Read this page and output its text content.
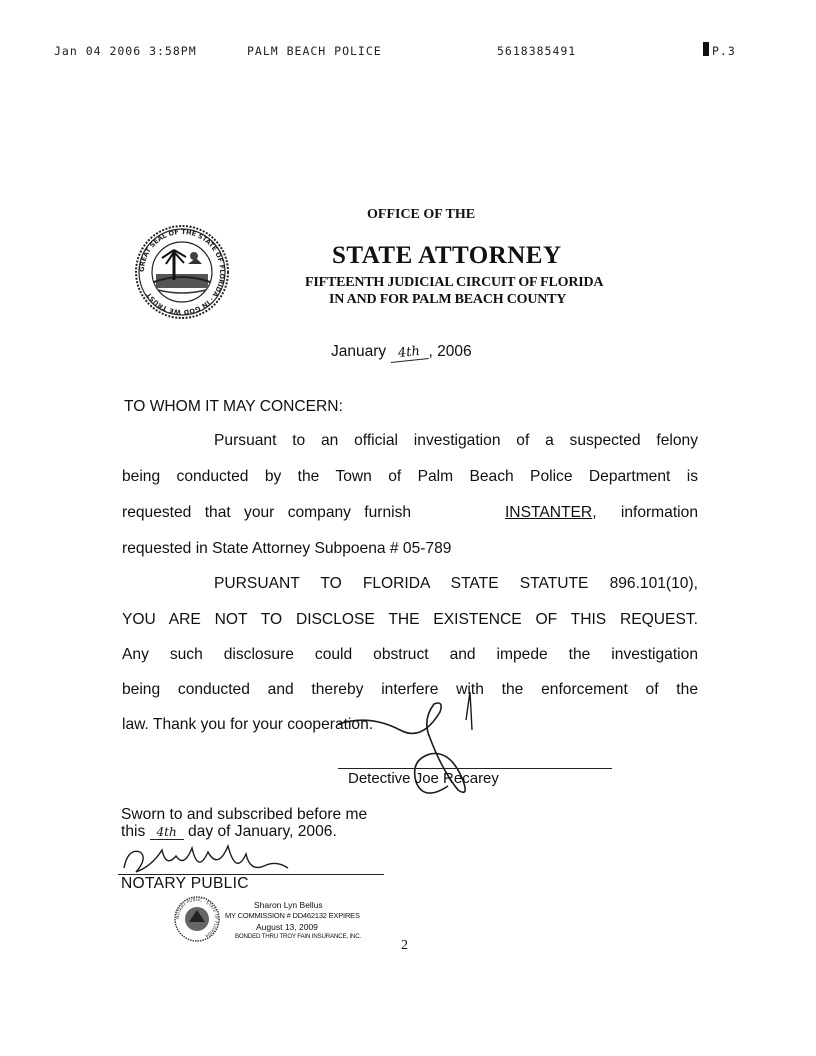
Jan 04 2006 3:58PM	PALM BEACH POLICE	5618385491	P.3
GREAT SEAL OF THE STATE OF FLORIDA · IN GOD WE TRUST
OFFICE OF THE
STATE ATTORNEY
FIFTEENTH JUDICIAL CIRCUIT OF FLORIDA
IN AND FOR PALM BEACH COUNTY
January 4th , 2006
TO WHOM IT MAY CONCERN:
Pursuant to an official investigation of a suspected felony
being conducted by the Town of Palm Beach Police Department is
requested that your company furnish	INSTANTER, information
requested in State Attorney Subpoena # 05-789
PURSUANT TO FLORIDA STATE STATUTE 896.101(10),
YOU ARE NOT TO DISCLOSE THE EXISTENCE OF THIS REQUEST.
Any such disclosure could obstruct and impede the investigation
being conducted and thereby interfere with the enforcement of the
law. Thank you for your cooperation.
Detective Joe Recarey
Sworn to and subscribed before me
this 4th day of January, 2006.
NOTARY PUBLIC
NOTARY PUBLIC · STATE OF FLORIDA
Sharon Lyn Bellus
MY COMMISSION # DD462132 EXPIRES
August 13, 2009
BONDED THRU TROY FAIN INSURANCE, INC.
2
